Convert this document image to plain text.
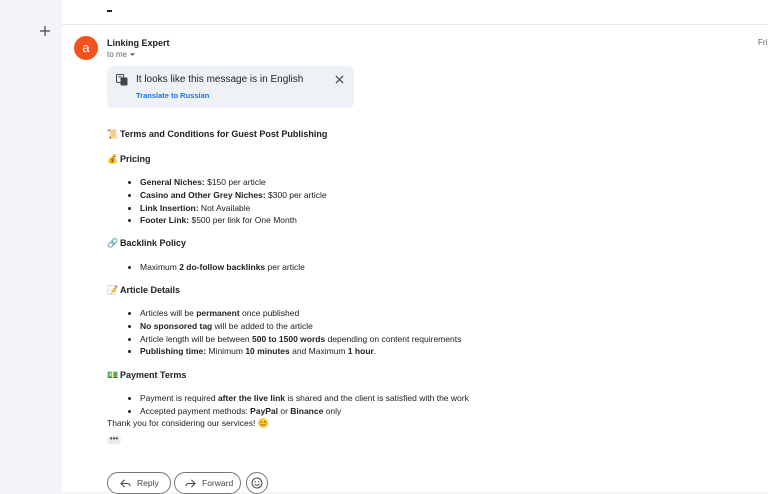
a	Linking Expert
to me
Fri
It looks like this message is in English
Translate to Russian
📜 Terms and Conditions for Guest Post Publishing
💰 Pricing
• General Niches: $150 per article
• Casino and Other Grey Niches: $300 per article
• Link Insertion: Not Available
• Footer Link: $500 per link for One Month
🔗 Backlink Policy
• Maximum 2 do-follow backlinks per article
📝 Article Details
• Articles will be permanent once published
• No sponsored tag will be added to the article
• Article length will be between 500 to 1500 words depending on content requirements
• Publishing time: Minimum 10 minutes and Maximum 1 hour.
💵 Payment Terms
• Payment is required after the live link is shared and the client is satisfied with the work
• Accepted payment methods: PayPal or Binance only
Thank you for considering our services! 😊
•••
Reply	Forward
